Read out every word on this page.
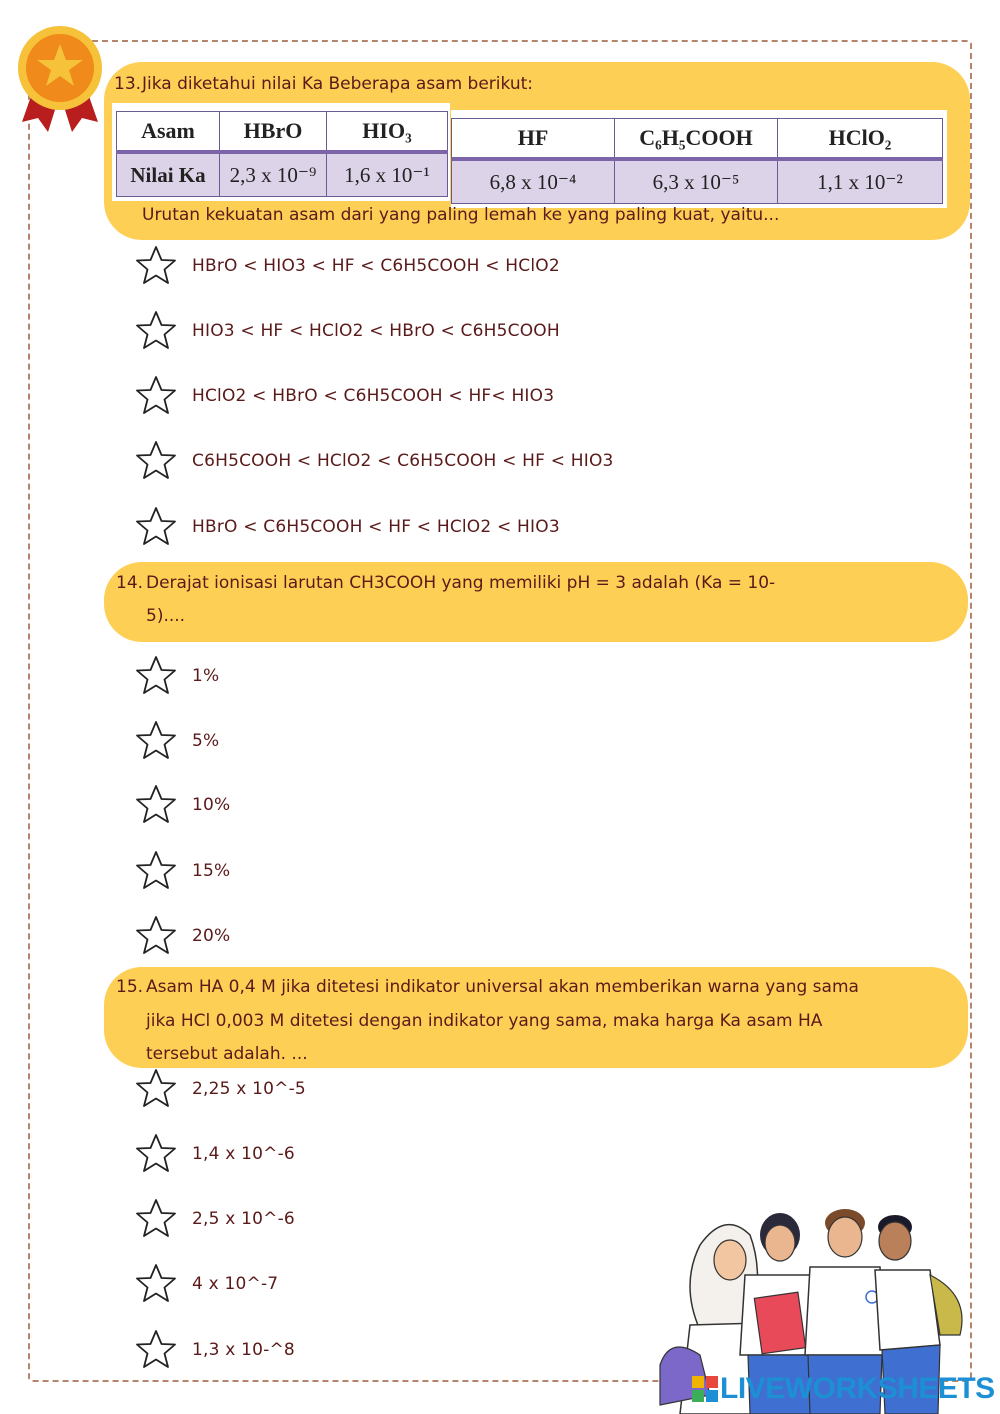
13. Jika diketahui nilai Ka Beberapa asam berikut:
Asam	HBrO	HIO₃
Nilai Ka	2,3 x 10⁻⁹	1,6 x 10⁻¹
HF	C₆H₅COOH	HClO₂
6,8 x 10⁻⁴	6,3 x 10⁻⁵	1,1 x 10⁻²
Urutan kekuatan asam dari yang paling lemah ke yang paling kuat, yaitu...
HBrO < HIO3 < HF < C6H5COOH < HClO2
HIO3 < HF < HClO2 < HBrO < C6H5COOH
HClO2 < HBrO < C6H5COOH < HF< HIO3
C6H5COOH < HClO2 < C6H5COOH < HF < HIO3
HBrO < C6H5COOH < HF < HClO2 < HIO3
14. Derajat ionisasi larutan CH3COOH yang memiliki pH = 3 adalah (Ka = 10-
5)....
1%
5%
10%
15%
20%
15. Asam HA 0,4 M jika ditetesi indikator universal akan memberikan warna yang sama
jika HCl 0,003 M ditetesi dengan indikator yang sama, maka harga Ka asam HA
tersebut adalah. ...
2,25 x 10^-5
1,4 x 10^-6
2,5 x 10^-6
4 x 10^-7
1,3 x 10-^8
LIVEWORKSHEETS
